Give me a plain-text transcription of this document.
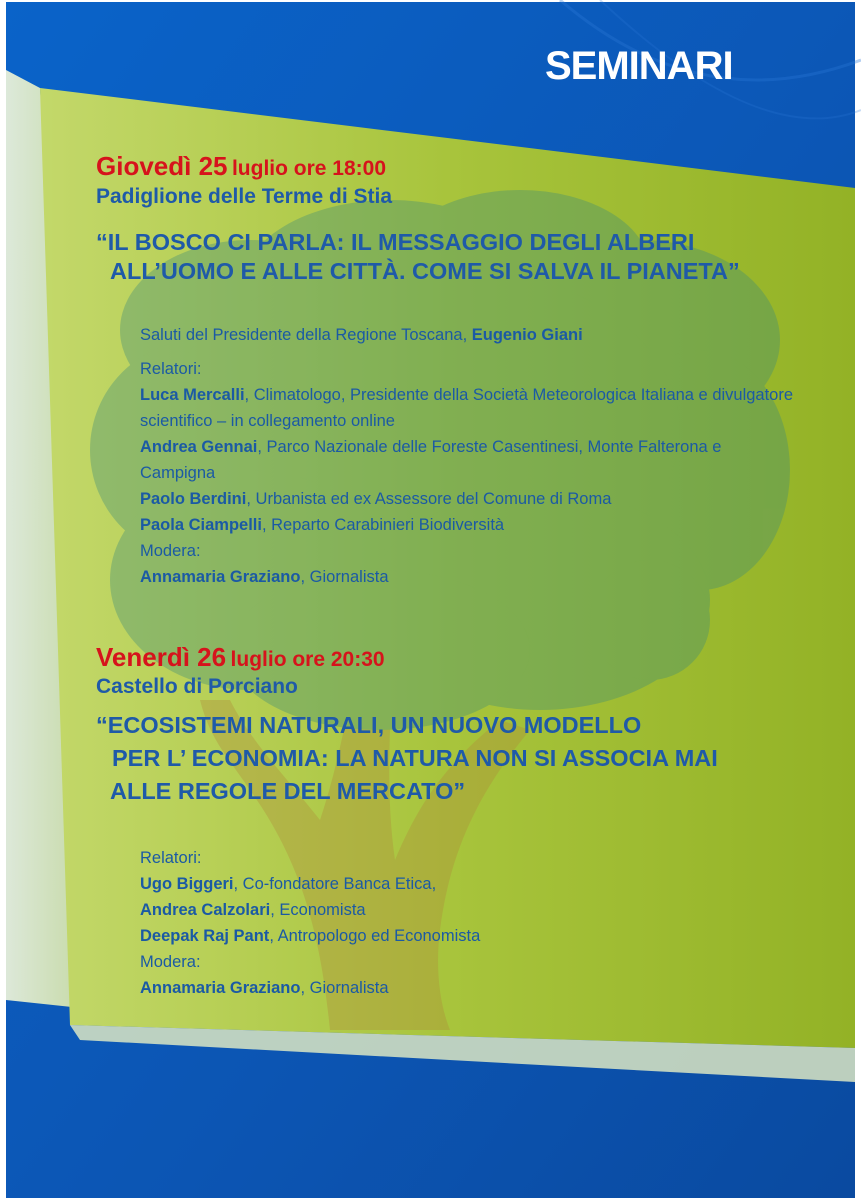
SEMINARI
Giovedì 25 luglio ore 18:00
Padiglione delle Terme di Stia
“IL BOSCO CI PARLA: IL MESSAGGIO DEGLI ALBERI
ALL’UOMO E ALLE CITTÀ. COME SI SALVA IL PIANETA”
Saluti del Presidente della Regione Toscana, Eugenio Giani
Relatori:
Luca Mercalli, Climatologo, Presidente della Società Meteorologica Italiana e divulgatore scientifico – in collegamento online
Andrea Gennai, Parco Nazionale delle Foreste Casentinesi, Monte Falterona e Campigna
Paolo Berdini, Urbanista ed ex Assessore del Comune di Roma
Paola Ciampelli, Reparto Carabinieri Biodiversità
Modera:
Annamaria Graziano, Giornalista
Venerdì 26 luglio ore 20:30
Castello di Porciano
“ECOSISTEMI NATURALI, UN NUOVO MODELLO
PER L’ ECONOMIA: LA NATURA NON SI ASSOCIA MAI
ALLE REGOLE DEL MERCATO”
Relatori:
Ugo Biggeri, Co-fondatore Banca Etica,
Andrea Calzolari, Economista
Deepak Raj Pant, Antropologo ed Economista
Modera:
Annamaria Graziano, Giornalista
